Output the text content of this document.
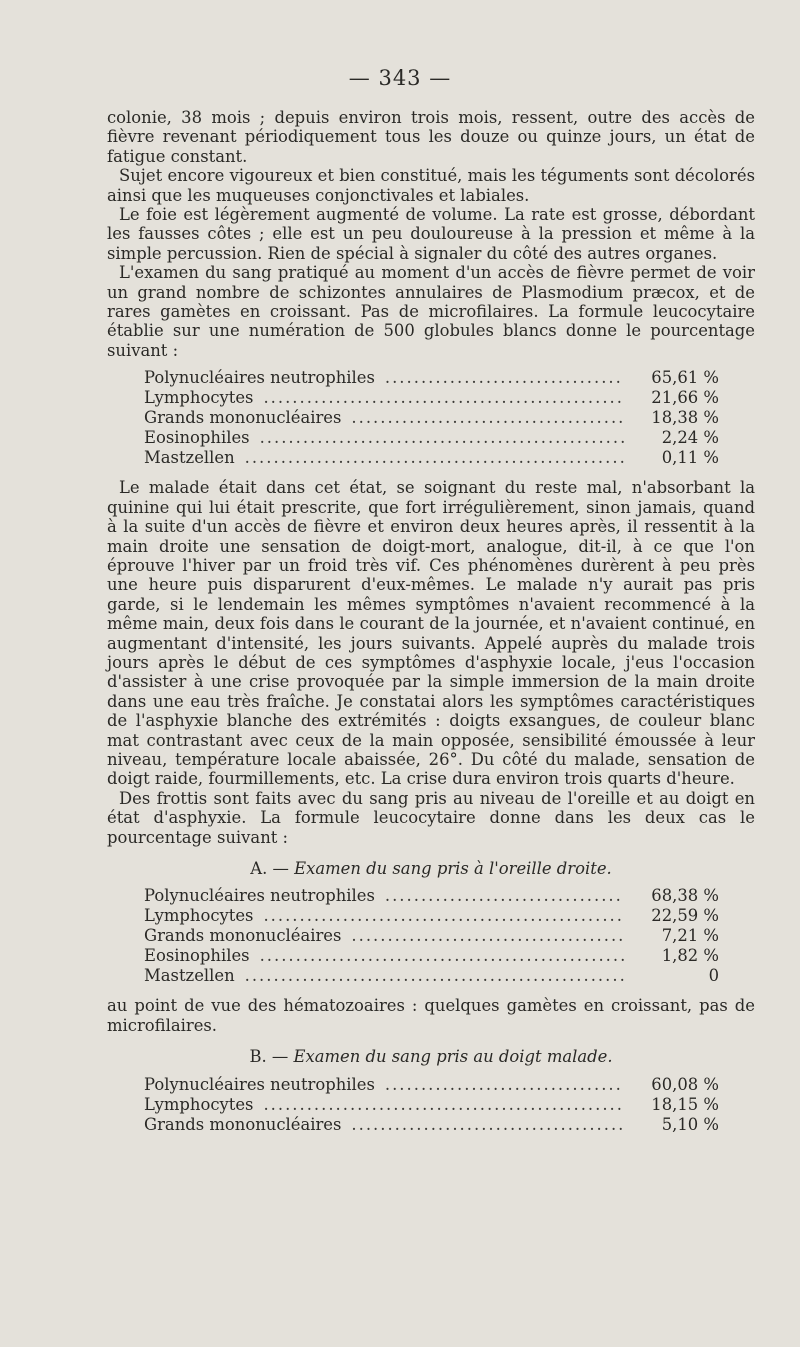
— 343 —

colonie, 38 mois ; depuis environ trois mois, ressent, outre des accès de fièvre revenant périodiquement tous les douze ou quinze jours, un état de fatigue constant.

Sujet encore vigoureux et bien constitué, mais les téguments sont décolorés ainsi que les muqueuses conjonctivales et labiales.

Le foie est légèrement augmenté de volume. La rate est grosse, débordant les fausses côtes ; elle est un peu douloureuse à la pression et même à la simple percussion. Rien de spécial à signaler du côté des autres organes.

L'examen du sang pratiqué au moment d'un accès de fièvre permet de voir un grand nombre de schizontes annulaires de Plasmodium præcox, et de rares gamètes en croissant. Pas de microfilaires. La formule leucocytaire établie sur une numération de 500 globules blancs donne le pourcentage suivant :

Polynucléaires neutrophiles .....	65,61 %
Lymphocytes .....	21,66 %
Grands mononucléaires .....	18,38 %
Eosinophiles .....	2,24 %
Mastzellen .....	0,11 %

Le malade était dans cet état, se soignant du reste mal, n'absorbant la quinine qui lui était prescrite, que fort irrégulièrement, sinon jamais, quand à la suite d'un accès de fièvre et environ deux heures après, il ressentit à la main droite une sensation de doigt-mort, analogue, dit-il, à ce que l'on éprouve l'hiver par un froid très vif. Ces phénomènes durèrent à peu près une heure puis disparurent d'eux-mêmes. Le malade n'y aurait pas pris garde, si le lendemain les mêmes symptômes n'avaient recommencé à la même main, deux fois dans le courant de la journée, et n'avaient continué, en augmentant d'intensité, les jours suivants. Appelé auprès du malade trois jours après le début de ces symptômes d'asphyxie locale, j'eus l'occasion d'assister à une crise provoquée par la simple immersion de la main droite dans une eau très fraîche. Je constatai alors les symptômes caractéristiques de l'asphyxie blanche des extrémités : doigts exsangues, de couleur blanc mat contrastant avec ceux de la main opposée, sensibilité émoussée à leur niveau, température locale abaissée, 26°. Du côté du malade, sensation de doigt raide, fourmillements, etc. La crise dura environ trois quarts d'heure.

Des frottis sont faits avec du sang pris au niveau de l'oreille et au doigt en état d'asphyxie. La formule leucocytaire donne dans les deux cas le pourcentage suivant :

A. — Examen du sang pris à l'oreille droite.
Polynucléaires neutrophiles .....	68,38 %
Lymphocytes .....	22,59 %
Grands mononucléaires .....	7,21 %
Eosinophiles .....	1,82 %
Mastzellen .....	0

au point de vue des hématozoaires : quelques gamètes en croissant, pas de microfilaires.

B. — Examen du sang pris au doigt malade.
Polynucléaires neutrophiles .....	60,08 %
Lymphocytes .....	18,15 %
Grands mononucléaires .....	5,10 %
